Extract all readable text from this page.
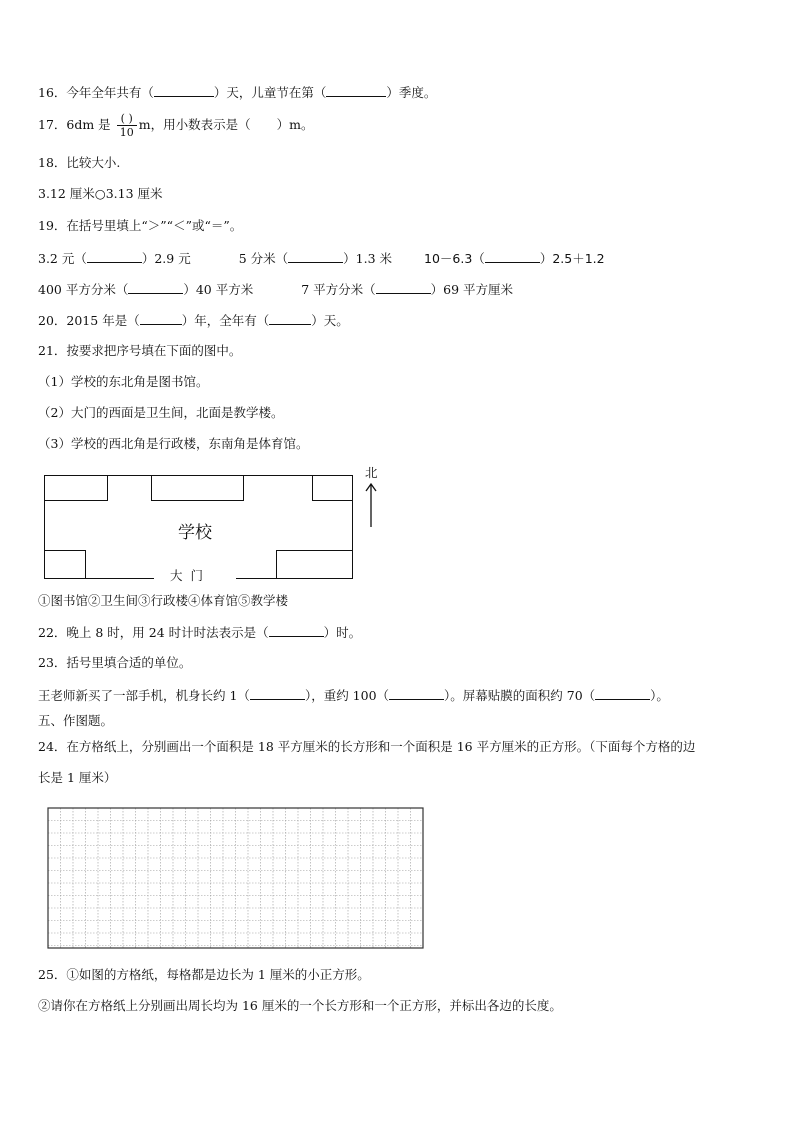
16．今年全年共有（	）天，儿童节在第（	）季度。
17．6dm 是 $\frac{( )}{10}$ m，用小数表示是（ ）m。
18．比较大小.
3.12 厘米○3.13 厘米
19．在括号里填上“＞”“＜”或“＝”。
3.2 元（	）2.9 元	5 分米（	）1.3 米	10－6.3（	）2.5＋1.2
400 平方分米（	）40 平方米	7 平方分米（	）69 平方厘米
20．2015 年是（	）年，全年有（	）天。
21．按要求把序号填在下面的图中。
（1）学校的东北角是图书馆。
（2）大门的西面是卫生间，北面是教学楼。
（3）学校的西北角是行政楼，东南角是体育馆。
学校
大  门
北
①图书馆②卫生间③行政楼④体育馆⑤教学楼
22．晚上 8 时，用 24 时计时法表示是（	）时。
23．括号里填合适的单位。
王老师新买了一部手机，机身长约 1（	），重约 100（	）。屏幕贴膜的面积约 70（	）。
五、作图题。
24．在方格纸上，分别画出一个面积是 18 平方厘米的长方形和一个面积是 16 平方厘米的正方形。（下面每个方格的边
长是 1 厘米）
25．①如图的方格纸，每格都是边长为 1 厘米的小正方形。
②请你在方格纸上分别画出周长均为 16 厘米的一个长方形和一个正方形，并标出各边的长度。
